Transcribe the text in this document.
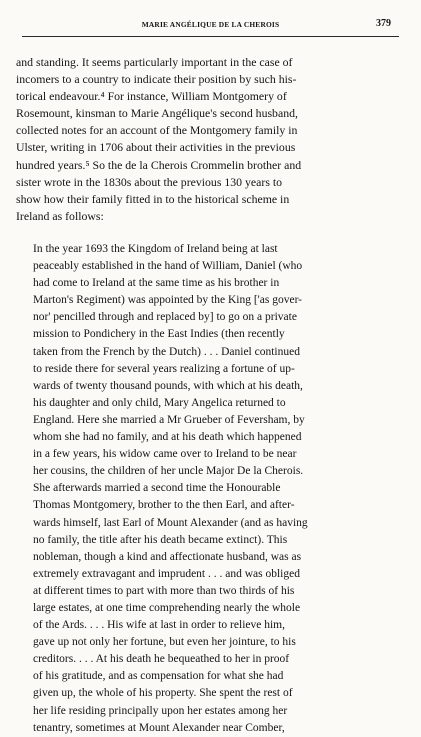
MARIE ANGÉLIQUE DE LA CHEROIS	379
and standing. It seems particularly important in the case of
incomers to a country to indicate their position by such his-
torical endeavour.⁴ For instance, William Montgomery of
Rosemount, kinsman to Marie Angélique's second husband,
collected notes for an account of the Montgomery family in
Ulster, writing in 1706 about their activities in the previous
hundred years.⁵ So the de la Cherois Crommelin brother and
sister wrote in the 1830s about the previous 130 years to
show how their family fitted in to the historical scheme in
Ireland as follows:
In the year 1693 the Kingdom of Ireland being at last
peaceably established in the hand of William, Daniel (who
had come to Ireland at the same time as his brother in
Marton's Regiment) was appointed by the King ['as gover-
nor' pencilled through and replaced by] to go on a private
mission to Pondichery in the East Indies (then recently
taken from the French by the Dutch) . . . Daniel continued
to reside there for several years realizing a fortune of up-
wards of twenty thousand pounds, with which at his death,
his daughter and only child, Mary Angelica returned to
England. Here she married a Mr Grueber of Feversham, by
whom she had no family, and at his death which happened
in a few years, his widow came over to Ireland to be near
her cousins, the children of her uncle Major De la Cherois.
She afterwards married a second time the Honourable
Thomas Montgomery, brother to the then Earl, and after-
wards himself, last Earl of Mount Alexander (and as having
no family, the title after his death became extinct). This
nobleman, though a kind and affectionate husband, was as
extremely extravagant and imprudent . . . and was obliged
at different times to part with more than two thirds of his
large estates, at one time comprehending nearly the whole
of the Ards. . . . His wife at last in order to relieve him,
gave up not only her fortune, but even her jointure, to his
creditors. . . . At his death he bequeathed to her in proof
of his gratitude, and as compensation for what she had
given up, the whole of his property. She spent the rest of
her life residing principally upon her estates among her
tenantry, sometimes at Mount Alexander near Comber,
